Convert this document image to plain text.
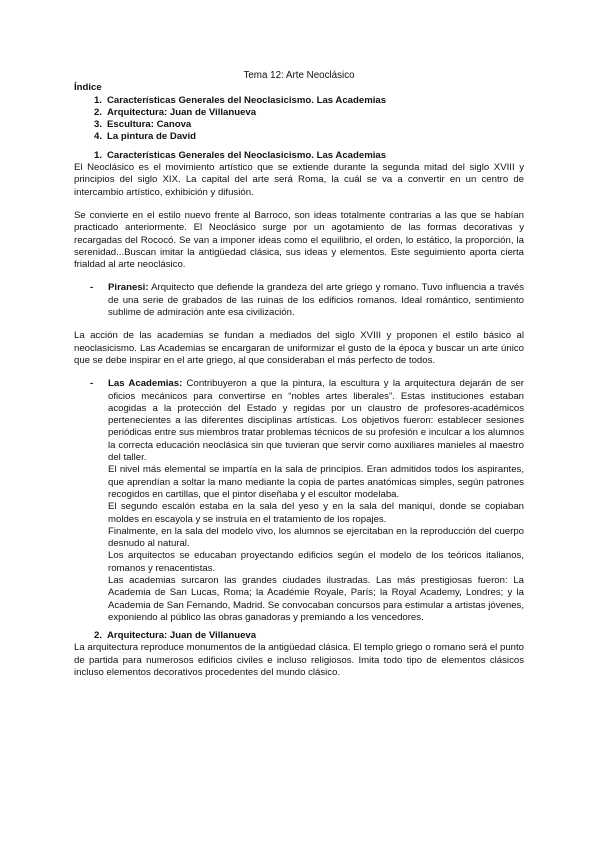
Tema 12: Arte Neoclásico
Índice
1. Características Generales del Neoclasicismo. Las Academias
2. Arquitectura: Juan de Villanueva
3. Escultura: Canova
4. La pintura de David
1. Características Generales del Neoclasicismo. Las Academias

El Neoclásico es el movimiento artístico que se extiende durante la segunda mitad del siglo XVIII y principios del siglo XIX. La capital del arte será Roma, la cuál se va a convertir en un centro de intercambio artístico, exhibición y difusión.

Se convierte en el estilo nuevo frente al Barroco, son ideas totalmente contrarias a las que se habían practicado anteriormente. El Neoclásico surge por un agotamiento de las formas decorativas y recargadas del Rococó. Se van a imponer ideas como el equilibrio, el orden, lo estático, la proporción, la serenidad...Buscan imitar la antigüedad clásica, sus ideas y elementos. Este seguimiento aporta cierta frialdad al arte neoclásico.

-	Piranesi: Arquitecto que defiende la grandeza del arte griego y romano. Tuvo influencia a través de una serie de grabados de las ruinas de los edificios romanos. Ideal romántico, sentimiento sublime de admiración ante esa civilización.

La acción de las academias se fundan a mediados del siglo XVIII y proponen el estilo básico al neoclasicismo. Las Academias se encargaran de uniformizar el gusto de la época y buscar un arte único que se debe inspirar en el arte griego, al que consideraban el más perfecto de todos.

-	Las Academias: Contribuyeron a que la pintura, la escultura y la arquitectura dejarán de ser oficios mecánicos para convertirse en “nobles artes liberales”. Estas instituciones estaban acogidas a la protección del Estado y regidas por un claustro de profesores-académicos pertenecientes a las diferentes disciplinas artísticas. Los objetivos fueron: establecer sesiones periódicas entre sus miembros tratar problemas técnicos de su profesión e inculcar a los alumnos la correcta educación neoclásica sin que tuvieran que servir como auxiliares manieles al maestro del taller.

El nivel más elemental se impartía en la sala de principios. Eran admitidos todos los aspirantes, que aprendían a soltar la mano mediante la copia de partes anatómicas simples, según patrones recogidos en cartillas, que el pintor diseñaba y el escultor modelaba.

El segundo escalón estaba en la sala del yeso y en la sala del maniquí, donde se copiaban moldes en escayola y se instruía en el tratamiento de los ropajes.

Finalmente, en la sala del modelo vivo, los alumnos se ejercitaban en la reproducción del cuerpo desnudo al natural.

Los arquitectos se educaban proyectando edificios según el modelo de los teóricos italianos, romanos y renacentistas.

Las academias surcaron las grandes ciudades ilustradas. Las más prestigiosas fueron: La Academia de San Lucas, Roma; la Académie Royale, París; la Royal Academy, Londres; y la Academia de San Fernando, Madrid. Se convocaban concursos para estimular a artistas jóvenes, exponiendo al público las obras ganadoras y premiando a los vencedores.

2. Arquitectura: Juan de Villanueva

La arquitectura reproduce monumentos de la antigüedad clásica. El templo griego o romano será el punto de partida para numerosos edificios civiles e incluso religiosos. Imita todo tipo de elementos clásicos incluso elementos decorativos procedentes del mundo clásico.
